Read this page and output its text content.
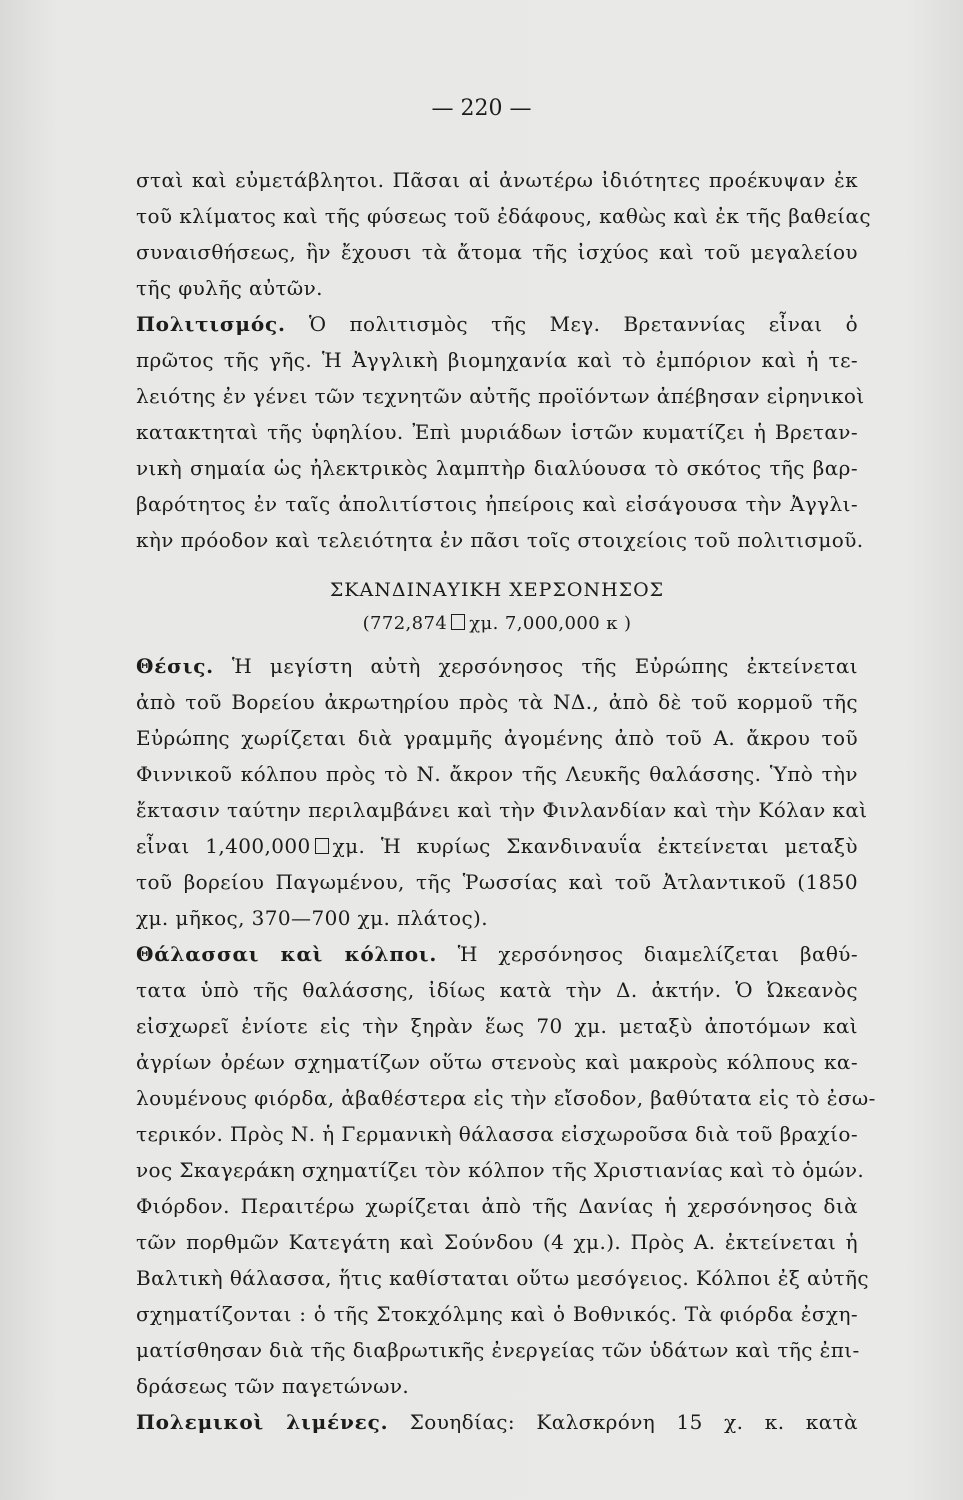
— 220 —
σταὶ καὶ εὐμετάβλητοι. Πᾶσαι αἱ ἀνωτέρω ἰδιότητες προέκυψαν ἐκ
τοῦ κλίματος καὶ τῆς φύσεως τοῦ ἐδάφους, καθὼς καὶ ἐκ τῆς βαθείας
συναισθήσεως, ἣν ἔχουσι τὰ ἄτομα τῆς ἰσχύος καὶ τοῦ μεγαλείου
τῆς φυλῆς αὐτῶν.
Πολιτισμός. Ὁ πολιτισμὸς τῆς Μεγ. Βρεταννίας εἶναι ὁ
πρῶτος τῆς γῆς. Ἡ Ἀγγλικὴ βιομηχανία καὶ τὸ ἐμπόριον καὶ ἡ τε-
λειότης ἐν γένει τῶν τεχνητῶν αὐτῆς προϊόντων ἀπέβησαν εἰρηνικοὶ
κατακτηταὶ τῆς ὑφηλίου. Ἐπὶ μυριάδων ἱστῶν κυματίζει ἡ Βρεταν-
νικὴ σημαία ὡς ἠλεκτρικὸς λαμπτὴρ διαλύουσα τὸ σκότος τῆς βαρ-
βαρότητος ἐν ταῖς ἀπολιτίστοις ἠπείροις καὶ εἰσάγουσα τὴν Ἀγγλι-
κὴν πρόοδον καὶ τελειότητα ἐν πᾶσι τοῖς στοιχείοις τοῦ πολιτισμοῦ.
ΣΚΑΝΔΙΝΑΥΙΚΗ ΧΕΡΣΟΝΗΣΟΣ
(772,874 χμ. 7,000,000 κ )
Θέσις. Ἡ μεγίστη αὐτὴ χερσόνησος τῆς Εὐρώπης ἐκτείνεται
ἀπὸ τοῦ Βορείου ἀκρωτηρίου πρὸς τὰ ΝΔ., ἀπὸ δὲ τοῦ κορμοῦ τῆς
Εὐρώπης χωρίζεται διὰ γραμμῆς ἀγομένης ἀπὸ τοῦ Α. ἄκρου τοῦ
Φιννικοῦ κόλπου πρὸς τὸ Ν. ἄκρον τῆς Λευκῆς θαλάσσης. Ὑπὸ τὴν
ἔκτασιν ταύτην περιλαμβάνει καὶ τὴν Φινλανδίαν καὶ τὴν Κόλαν καὶ
εἶναι 1,400,000 χμ. Ἡ κυρίως Σκανδιναυΐα ἐκτείνεται μεταξὺ
τοῦ βορείου Παγωμένου, τῆς Ῥωσσίας καὶ τοῦ Ἀτλαντικοῦ (1850
χμ. μῆκος, 370—700 χμ. πλάτος).
Θάλασσαι καὶ κόλποι. Ἡ χερσόνησος διαμελίζεται βαθύ-
τατα ὑπὸ τῆς θαλάσσης, ἰδίως κατὰ τὴν Δ. ἀκτήν. Ὁ Ὠκεανὸς
εἰσχωρεῖ ἐνίοτε εἰς τὴν ξηρὰν ἕως 70 χμ. μεταξὺ ἀποτόμων καὶ
ἀγρίων ὀρέων σχηματίζων οὕτω στενοὺς καὶ μακροὺς κόλπους κα-
λουμένους φιόρδα, ἀβαθέστερα εἰς τὴν εἴσοδον, βαθύτατα εἰς τὸ ἐσω-
τερικόν. Πρὸς Ν. ἡ Γερμανικὴ θάλασσα εἰσχωροῦσα διὰ τοῦ βραχίο-
νος Σκαγεράκη σχηματίζει τὸν κόλπον τῆς Χριστιανίας καὶ τὸ ὁμών.
Φιόρδον. Περαιτέρω χωρίζεται ἀπὸ τῆς Δανίας ἡ χερσόνησος διὰ
τῶν πορθμῶν Κατεγάτη καὶ Σούνδου (4 χμ.). Πρὸς Α. ἐκτείνεται ἡ
Βαλτικὴ θάλασσα, ἥτις καθίσταται οὕτω μεσόγειος. Κόλποι ἐξ αὐτῆς
σχηματίζονται : ὁ τῆς Στοκχόλμης καὶ ὁ Βοθνικός. Τὰ φιόρδα ἐσχη-
ματίσθησαν διὰ τῆς διαβρωτικῆς ἐνεργείας τῶν ὑδάτων καὶ τῆς ἐπι-
δράσεως τῶν παγετώνων.
Πολεμικοὶ λιμένες. Σουηδίας: Καλσκρόνη 15 χ. κ. κατὰ
